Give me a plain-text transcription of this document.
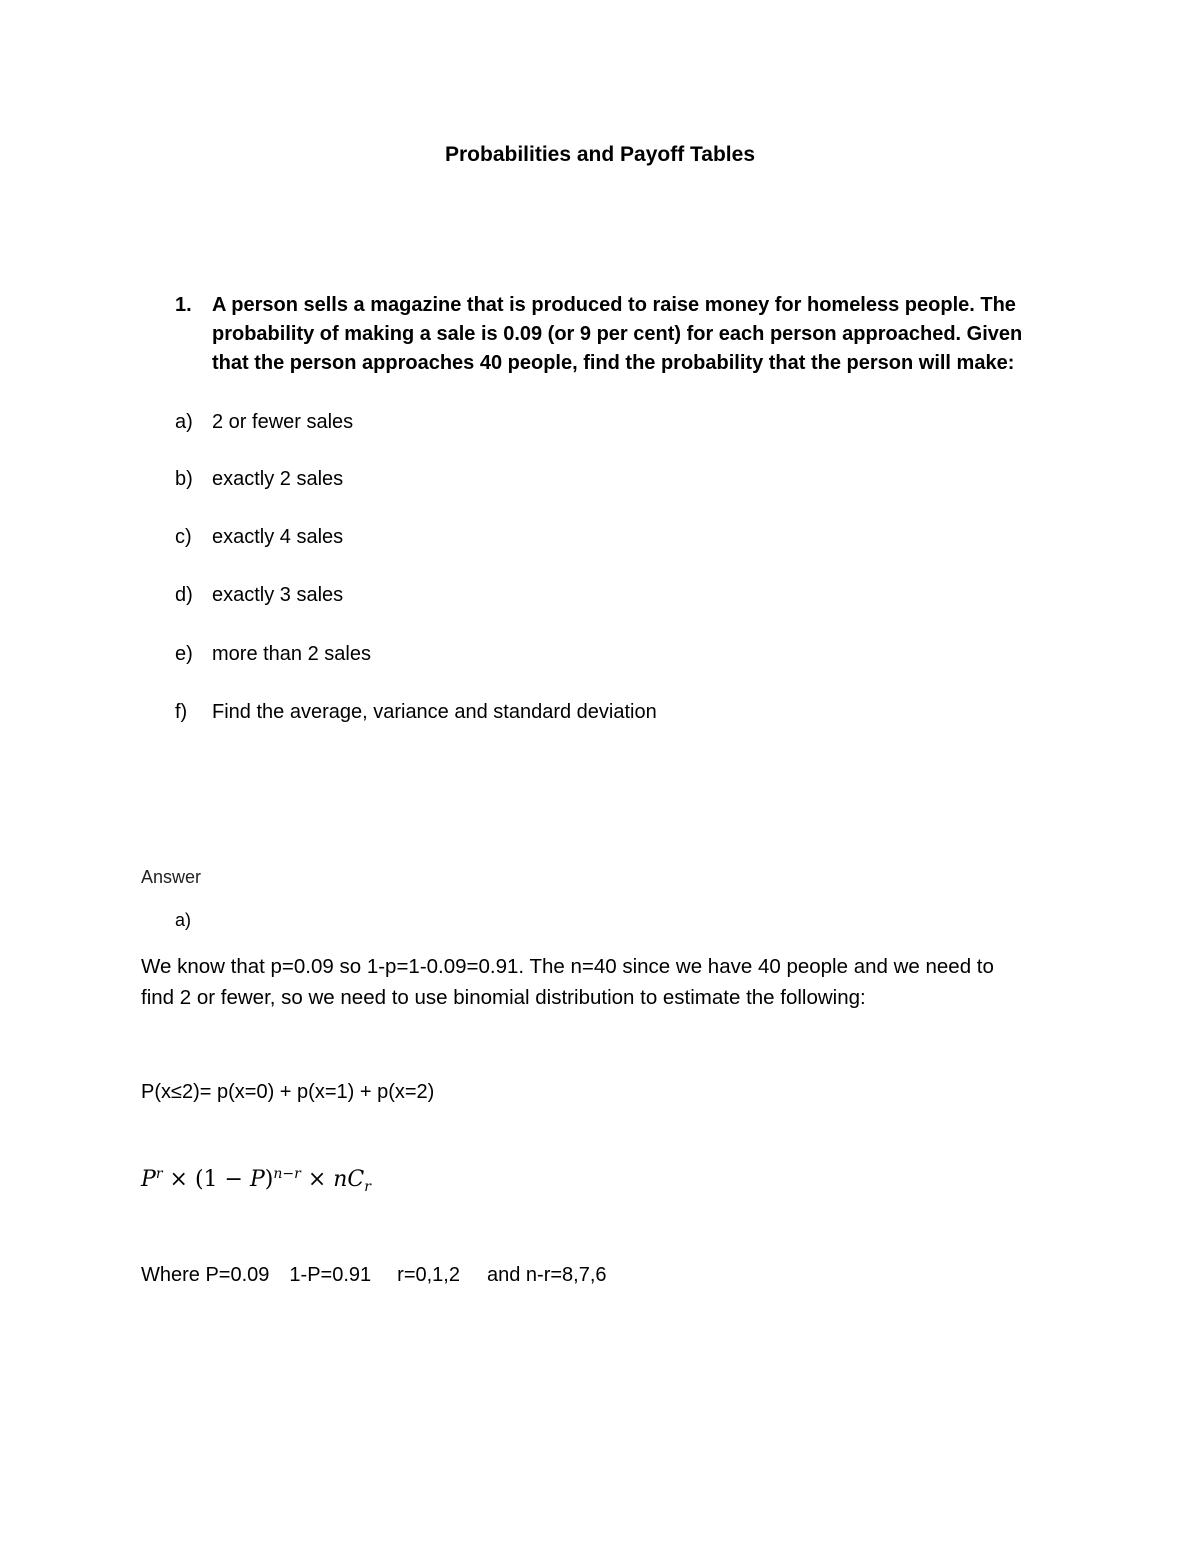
Probabilities and Payoff Tables
1. A person sells a magazine that is produced to raise money for homeless people. The
probability of making a sale is 0.09 (or 9 per cent) for each person approached. Given
that the person approaches 40 people, find the probability that the person will make:
a) 2 or fewer sales
b) exactly 2 sales
c) exactly 4 sales
d) exactly 3 sales
e) more than 2 sales
f) Find the average, variance and standard deviation
Answer
a)
We know that p=0.09 so 1-p=1-0.09=0.91. The n=40 since we have 40 people and we need to
find 2 or fewer, so we need to use binomial distribution to estimate the following:
P(x≤2)= p(x=0) + p(x=1) + p(x=2)
$P^r \times (1 - P)^{n-r} \times nC_r$
Where P=0.09 1-P=0.91 r=0,1,2 and n-r=8,7,6
